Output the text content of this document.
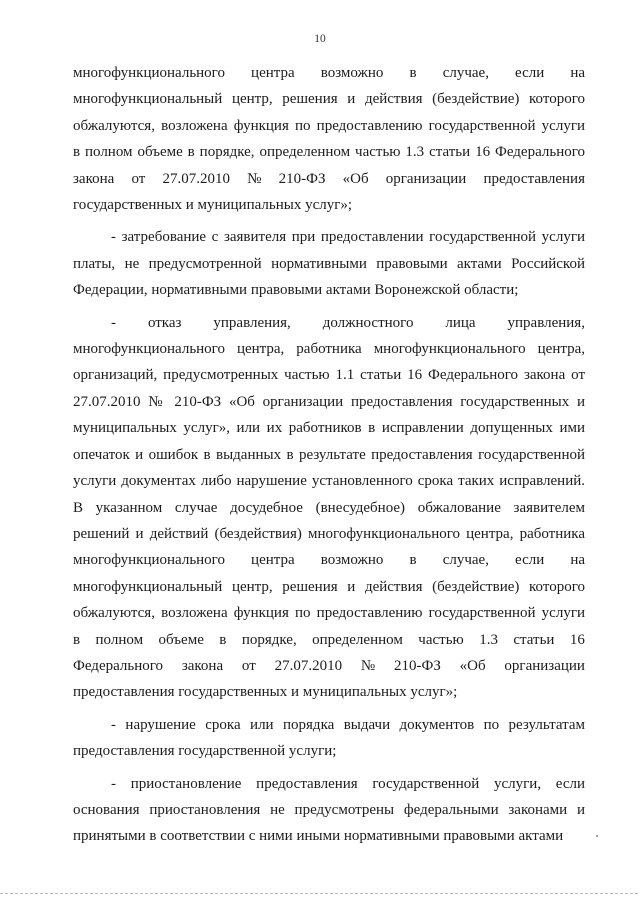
10
многофункционального центра возможно в случае, если на
многофункциональный центр, решения и действия (бездействие) которого
обжалуются, возложена функция по предоставлению государственной услуги
в полном объеме в порядке, определенном частью 1.3 статьи 16 Федерального
закона от 27.07.2010 № 210-ФЗ «Об организации предоставления
государственных и муниципальных услуг»;
- затребование с заявителя при предоставлении государственной услуги
платы, не предусмотренной нормативными правовыми актами Российской
Федерации, нормативными правовыми актами Воронежской области;
- отказ управления, должностного лица управления,
многофункционального центра, работника многофункционального центра,
организаций, предусмотренных частью 1.1 статьи 16 Федерального закона от
27.07.2010 № 210-ФЗ «Об организации предоставления государственных и
муниципальных услуг», или их работников в исправлении допущенных ими
опечаток и ошибок в выданных в результате предоставления государственной
услуги документах либо нарушение установленного срока таких исправлений.
В указанном случае досудебное (внесудебное) обжалование заявителем
решений и действий (бездействия) многофункционального центра, работника
многофункционального центра возможно в случае, если на
многофункциональный центр, решения и действия (бездействие) которого
обжалуются, возложена функция по предоставлению государственной услуги
в полном объеме в порядке, определенном частью 1.3 статьи 16
Федерального закона от 27.07.2010 № 210-ФЗ «Об организации
предоставления государственных и муниципальных услуг»;
- нарушение срока или порядка выдачи документов по результатам
предоставления государственной услуги;
- приостановление предоставления государственной услуги, если
основания приостановления не предусмотрены федеральными законами и
принятыми в соответствии с ними иными нормативными правовыми актами
